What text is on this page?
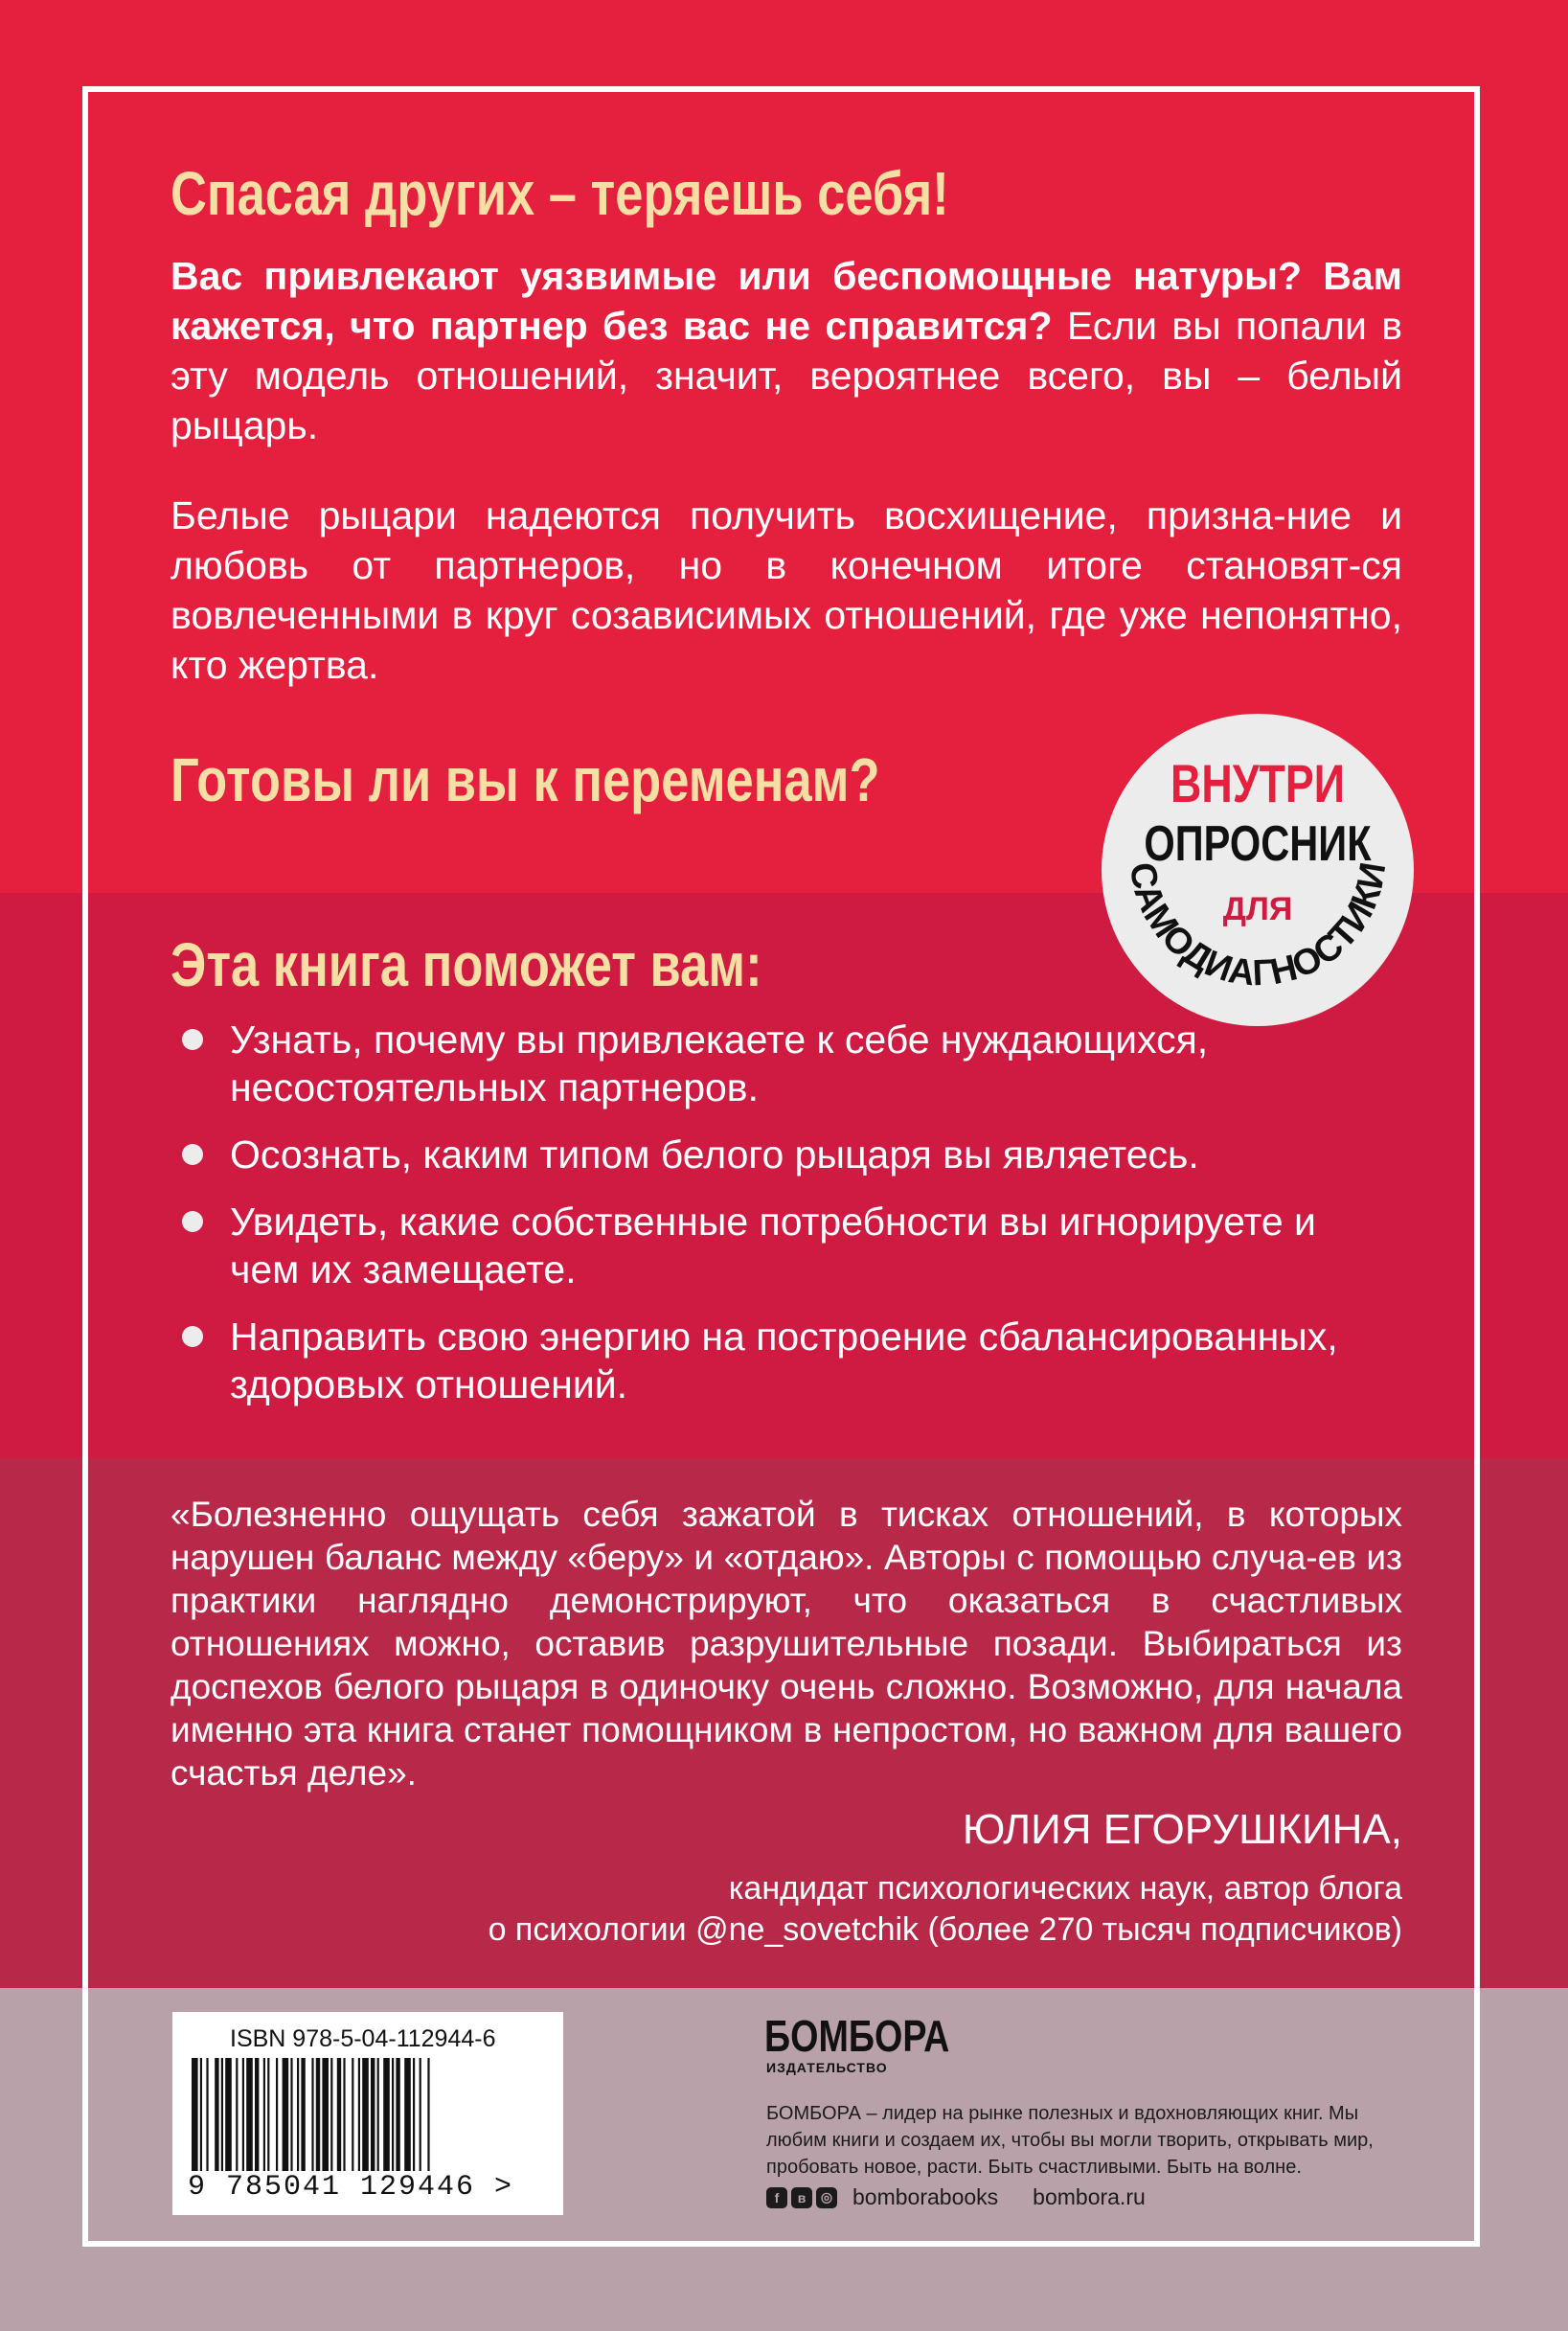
Спасая других – теряешь себя!

Вас привлекают уязвимые или беспомощные натуры? Вам кажется, что партнер без вас не справится? Если вы попали в эту модель отношений, значит, вероятнее всего, вы – белый рыцарь.

Белые рыцари надеются получить восхищение, призна-ние и любовь от партнеров, но в конечном итоге становят-ся вовлеченными в круг созависимых отношений, где уже непонятно, кто жертва.

Готовы ли вы к переменам?	ВНУТРИ
ОПРОСНИК
ДЛЯ
САМОДИАГНОСТИКИ
Эта книга поможет вам:
Узнать, почему вы привлекаете к себе нуждающихся, несостоятельных партнеров.
Осознать, каким типом белого рыцаря вы являетесь.
Увидеть, какие собственные потребности вы игнорируете и чем их замещаете.
Направить свою энергию на построение сбалансированных, здоровых отношений.

«Болезненно ощущать себя зажатой в тисках отношений, в которых нарушен баланс между «беру» и «отдаю». Авторы с помощью случа-ев из практики наглядно демонстрируют, что оказаться в счастливых отношениях можно, оставив разрушительные позади. Выбираться из доспехов белого рыцаря в одиночку очень сложно. Возможно, для начала именно эта книга станет помощником в непростом, но важном для вашего счастья деле».

ЮЛИЯ ЕГОРУШКИНА,

кандидат психологических наук, автор блога
о психологии @ne_sovetchik (более 270 тысяч подписчиков)

ISBN 978-5-04-112944-6
9 785041 129446 >
БОМБОРА
ИЗДАТЕЛЬСТВО

БОМБОРА – лидер на рынке полезных и вдохновляющих книг. Мы любим книги и создаем их, чтобы вы могли творить, открывать мир, пробовать новое, расти. Быть счастливыми. Быть на волне.

f	в	◎ bomborabooks bombora.ru
